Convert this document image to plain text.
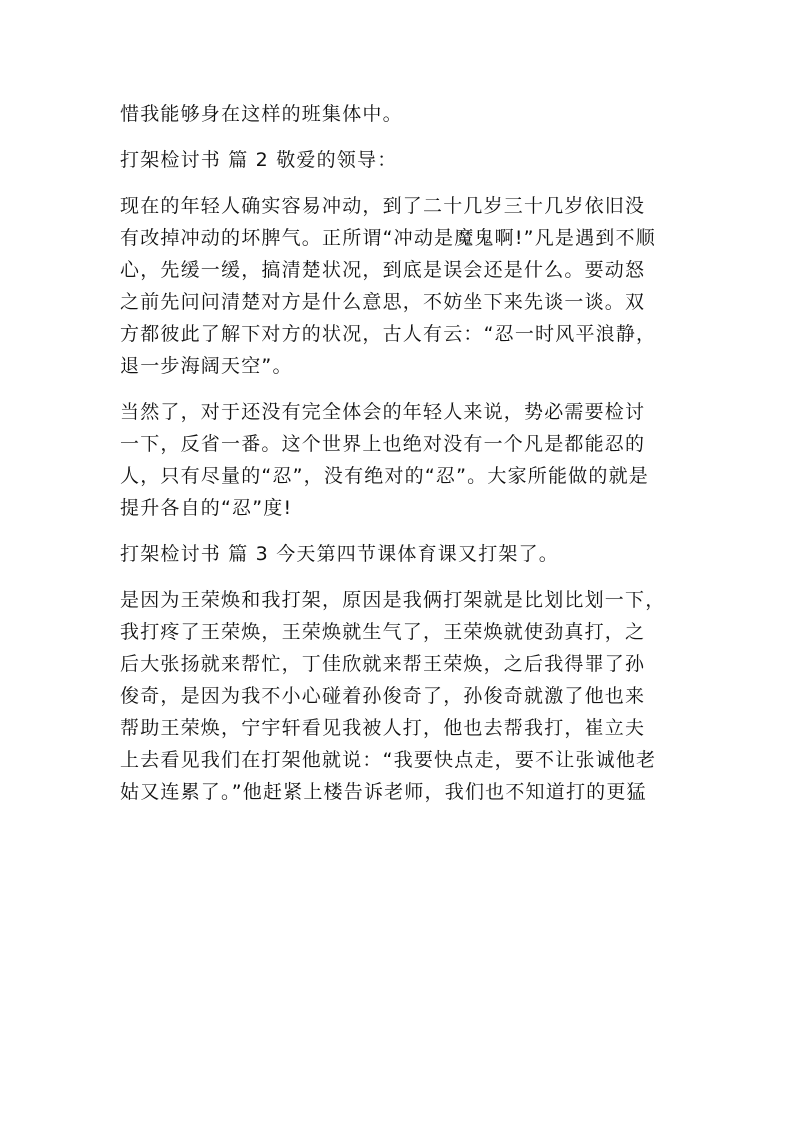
惜我能够身在这样的班集体中。
打架检讨书 篇 2 敬爱的领导：
现在的年轻人确实容易冲动，到了二十几岁三十几岁依旧没
有改掉冲动的坏脾气。正所谓“冲动是魔鬼啊!”凡是遇到不顺
心，先缓一缓，搞清楚状况，到底是误会还是什么。要动怒
之前先问问清楚对方是什么意思，不妨坐下来先谈一谈。双
方都彼此了解下对方的状况，古人有云：“忍一时风平浪静，
退一步海阔天空”。
当然了，对于还没有完全体会的年轻人来说，势必需要检讨
一下，反省一番。这个世界上也绝对没有一个凡是都能忍的
人，只有尽量的“忍”，没有绝对的“忍”。大家所能做的就是
提升各自的“忍”度!
打架检讨书 篇 3 今天第四节课体育课又打架了。
是因为王荣焕和我打架，原因是我俩打架就是比划比划一下，
我打疼了王荣焕，王荣焕就生气了，王荣焕就使劲真打，之
后大张扬就来帮忙，丁佳欣就来帮王荣焕，之后我得罪了孙
俊奇，是因为我不小心碰着孙俊奇了，孙俊奇就激了他也来
帮助王荣焕，宁宇轩看见我被人打，他也去帮我打，崔立夫
上去看见我们在打架他就说：“我要快点走，要不让张诚他老
姑又连累了。”他赶紧上楼告诉老师，我们也不知道打的更猛
